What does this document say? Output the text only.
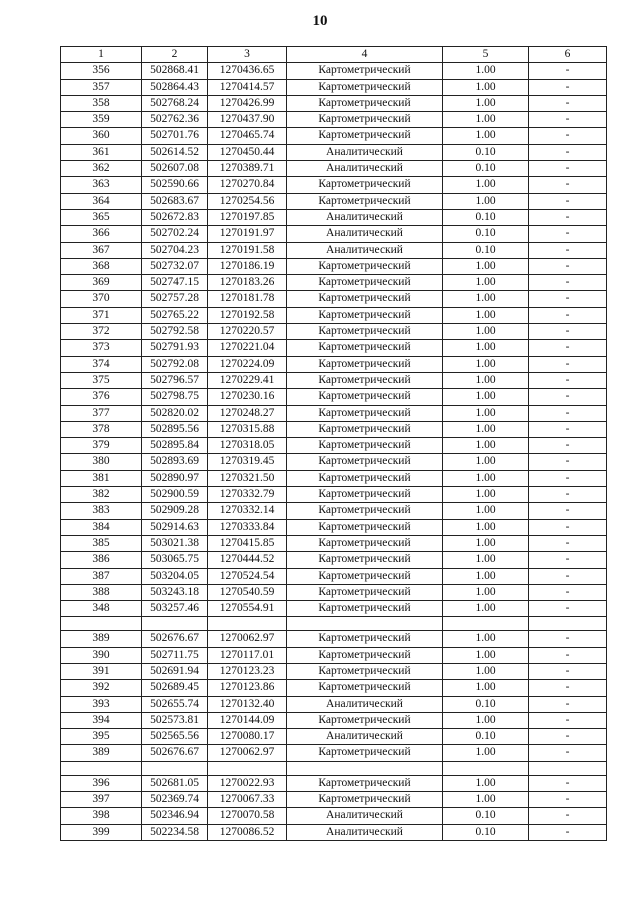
10
1	2	3	4	5	6
356	502868.41	1270436.65	Картометрический	1.00	-
357	502864.43	1270414.57	Картометрический	1.00	-
358	502768.24	1270426.99	Картометрический	1.00	-
359	502762.36	1270437.90	Картометрический	1.00	-
360	502701.76	1270465.74	Картометрический	1.00	-
361	502614.52	1270450.44	Аналитический	0.10	-
362	502607.08	1270389.71	Аналитический	0.10	-
363	502590.66	1270270.84	Картометрический	1.00	-
364	502683.67	1270254.56	Картометрический	1.00	-
365	502672.83	1270197.85	Аналитический	0.10	-
366	502702.24	1270191.97	Аналитический	0.10	-
367	502704.23	1270191.58	Аналитический	0.10	-
368	502732.07	1270186.19	Картометрический	1.00	-
369	502747.15	1270183.26	Картометрический	1.00	-
370	502757.28	1270181.78	Картометрический	1.00	-
371	502765.22	1270192.58	Картометрический	1.00	-
372	502792.58	1270220.57	Картометрический	1.00	-
373	502791.93	1270221.04	Картометрический	1.00	-
374	502792.08	1270224.09	Картометрический	1.00	-
375	502796.57	1270229.41	Картометрический	1.00	-
376	502798.75	1270230.16	Картометрический	1.00	-
377	502820.02	1270248.27	Картометрический	1.00	-
378	502895.56	1270315.88	Картометрический	1.00	-
379	502895.84	1270318.05	Картометрический	1.00	-
380	502893.69	1270319.45	Картометрический	1.00	-
381	502890.97	1270321.50	Картометрический	1.00	-
382	502900.59	1270332.79	Картометрический	1.00	-
383	502909.28	1270332.14	Картометрический	1.00	-
384	502914.63	1270333.84	Картометрический	1.00	-
385	503021.38	1270415.85	Картометрический	1.00	-
386	503065.75	1270444.52	Картометрический	1.00	-
387	503204.05	1270524.54	Картометрический	1.00	-
388	503243.18	1270540.59	Картометрический	1.00	-
348	503257.46	1270554.91	Картометрический	1.00	-

389	502676.67	1270062.97	Картометрический	1.00	-
390	502711.75	1270117.01	Картометрический	1.00	-
391	502691.94	1270123.23	Картометрический	1.00	-
392	502689.45	1270123.86	Картометрический	1.00	-
393	502655.74	1270132.40	Аналитический	0.10	-
394	502573.81	1270144.09	Картометрический	1.00	-
395	502565.56	1270080.17	Аналитический	0.10	-
389	502676.67	1270062.97	Картометрический	1.00	-

396	502681.05	1270022.93	Картометрический	1.00	-
397	502369.74	1270067.33	Картометрический	1.00	-
398	502346.94	1270070.58	Аналитический	0.10	-
399	502234.58	1270086.52	Аналитический	0.10	-
